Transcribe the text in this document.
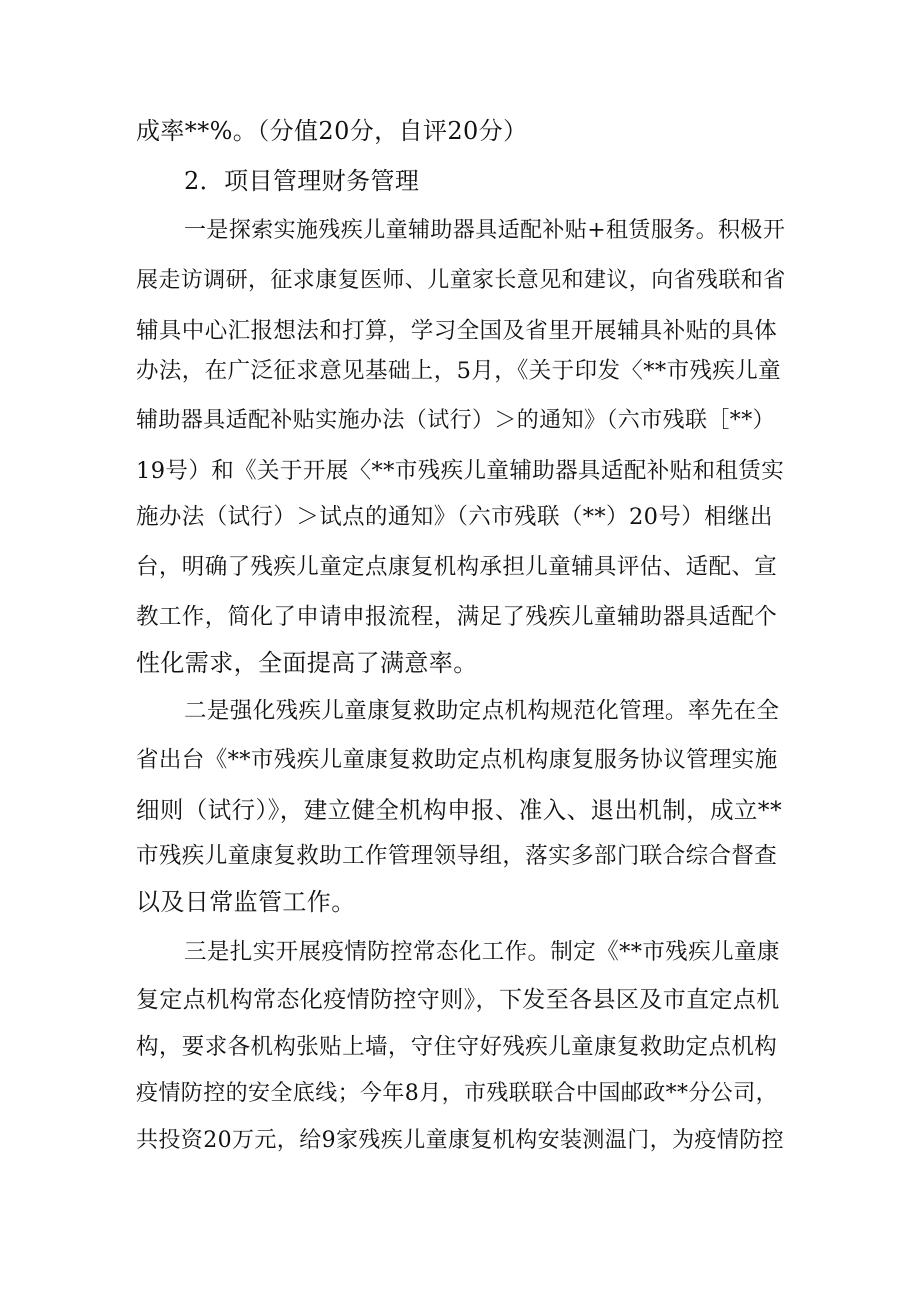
成率**%。（分值20分，自评20分）
2．项目管理财务管理
一是探索实施残疾儿童辅助器具适配补贴+租赁服务。积极开
展走访调研，征求康复医师、儿童家长意见和建议，向省残联和省
辅具中心汇报想法和打算，学习全国及省里开展辅具补贴的具体
办法，在广泛征求意见基础上，5月，《关于印发〈**市残疾儿童
辅助器具适配补贴实施办法（试行）＞的通知》（六市残联［**）
19号）和《关于开展〈**市残疾儿童辅助器具适配补贴和租赁实
施办法（试行）＞试点的通知》（六市残联（**）20号）相继出
台，明确了残疾儿童定点康复机构承担儿童辅具评估、适配、宣
教工作，简化了申请申报流程，满足了残疾儿童辅助器具适配个
性化需求，全面提高了满意率。
二是强化残疾儿童康复救助定点机构规范化管理。率先在全
省出台《**市残疾儿童康复救助定点机构康复服务协议管理实施
细则（试行）》，建立健全机构申报、准入、退出机制，成立**
市残疾儿童康复救助工作管理领导组，落实多部门联合综合督查
以及日常监管工作。
三是扎实开展疫情防控常态化工作。制定《**市残疾儿童康
复定点机构常态化疫情防控守则》，下发至各县区及市直定点机
构，要求各机构张贴上墙，守住守好残疾儿童康复救助定点机构
疫情防控的安全底线；今年8月，市残联联合中国邮政**分公司，
共投资20万元，给9家残疾儿童康复机构安装测温门，为疫情防控
